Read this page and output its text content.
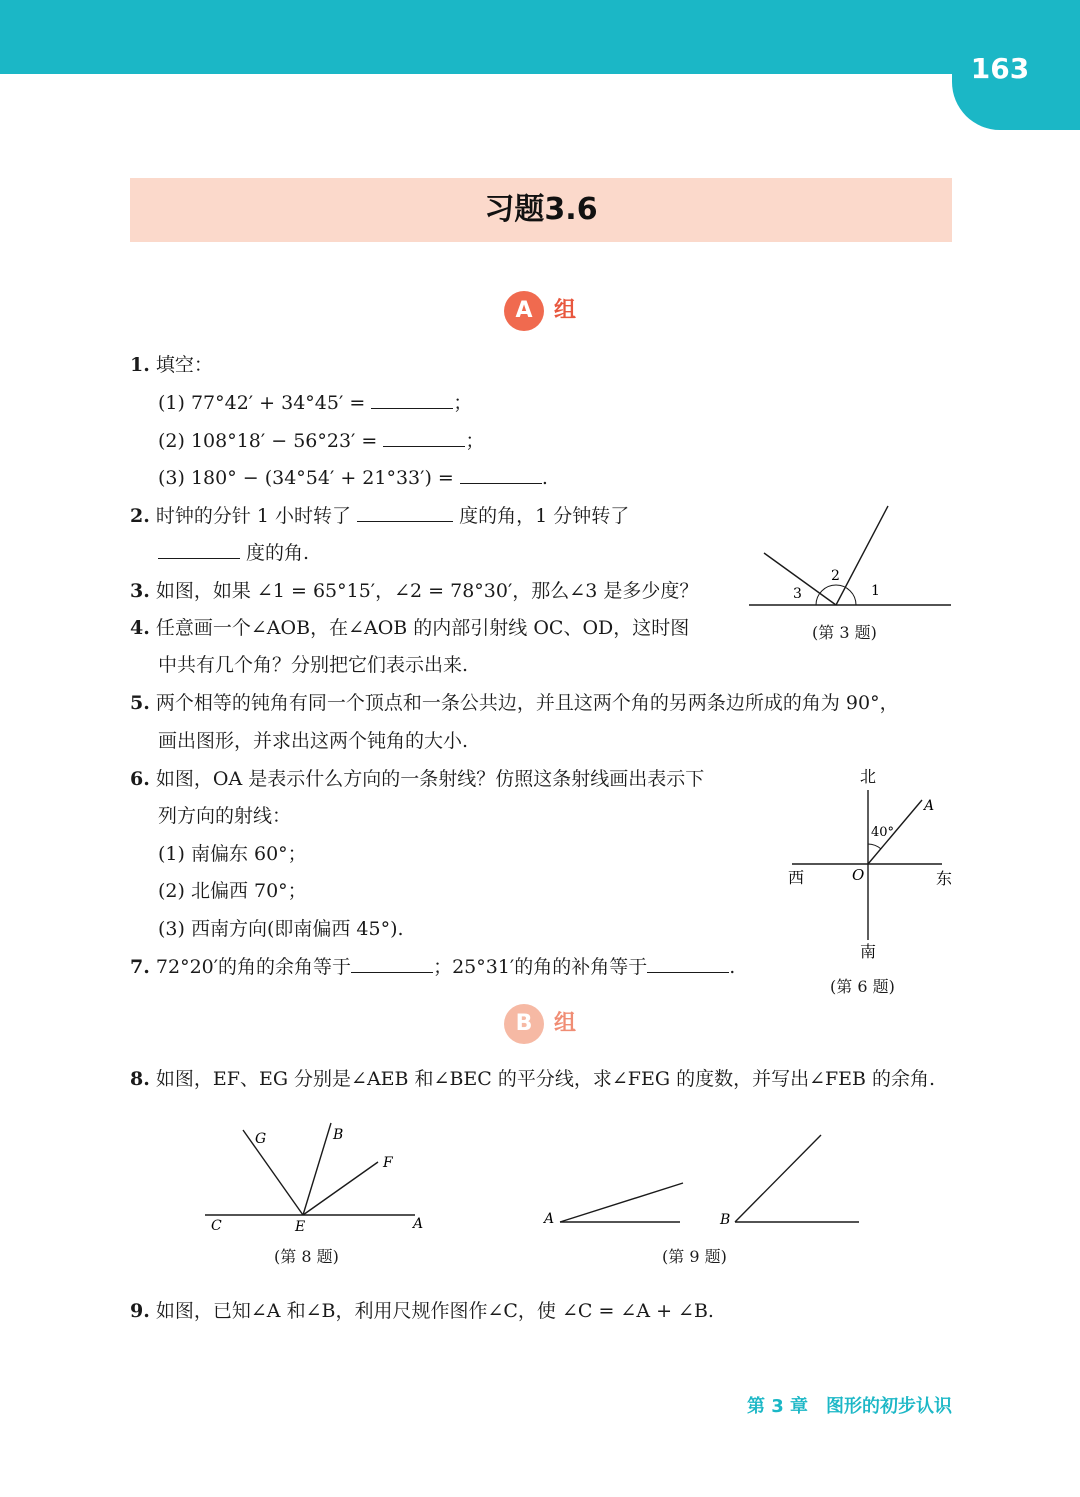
163
习题3.6
A 组
1. 填空：
(1) 77°42′ + 34°45′ =	；
(2) 108°18′ − 56°23′ =	；
(3) 180° − (34°54′ + 21°33′) =	.
2. 时钟的分针 1 小时转了	度的角，1 分钟转了
度的角.
3. 如图，如果 ∠1 = 65°15′，∠2 = 78°30′，那么∠3 是多少度？	1
2
3
(第 3 题)
4. 任意画一个∠AOB，在∠AOB 的内部引射线 OC、OD，这时图
中共有几个角？分别把它们表示出来.
5. 两个相等的钝角有同一个顶点和一条公共边，并且这两个角的另两条边所成的角为 90°，
画出图形，并求出这两个钝角的大小.
6. 如图，OA 是表示什么方向的一条射线？仿照这条射线画出表示下
列方向的射线：
(1) 南偏东 60°；
(2) 北偏西 70°；
(3) 西南方向(即南偏西 45°).
北
南
西	东
O
A
40°
(第 6 题)
7. 72°20′的角的余角等于	；25°31′的角的补角等于	.
B 组
8. 如图，EF、EG 分别是∠AEB 和∠BEC 的平分线，求∠FEG 的度数，并写出∠FEB 的余角.
G	B
F
C	E	A
(第 8 题)
A	B
(第 9 题)
9. 如图，已知∠A 和∠B，利用尺规作图作∠C，使 ∠C = ∠A + ∠B.
第 3 章　图形的初步认识
